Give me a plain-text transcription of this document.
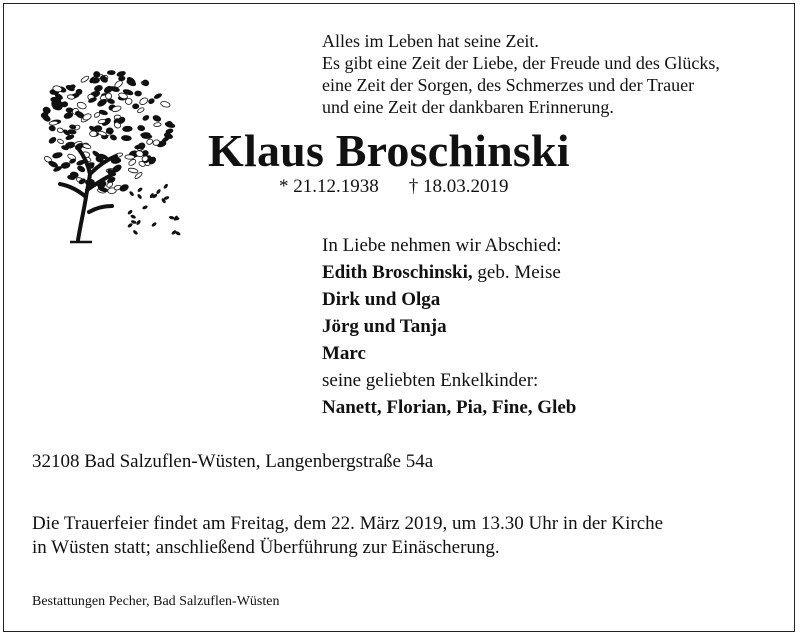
Alles im Leben hat seine Zeit.
Es gibt eine Zeit der Liebe, der Freude und des Glücks,
eine Zeit der Sorgen, des Schmerzes und der Trauer
und eine Zeit der dankbaren Erinnerung.
Klaus Broschinski
* 21.12.1938 † 18.03.2019
In Liebe nehmen wir Abschied:
Edith Broschinski, geb. Meise
Dirk und Olga
Jörg und Tanja
Marc
seine geliebten Enkelkinder:
Nanett, Florian, Pia, Fine, Gleb
32108 Bad Salzuflen-Wüsten, Langenbergstraße 54a
Die Trauerfeier findet am Freitag, dem 22. März 2019, um 13.30 Uhr in der Kirche
in Wüsten statt; anschließend Überführung zur Einäscherung.
Bestattungen Pecher, Bad Salzuflen-Wüsten
